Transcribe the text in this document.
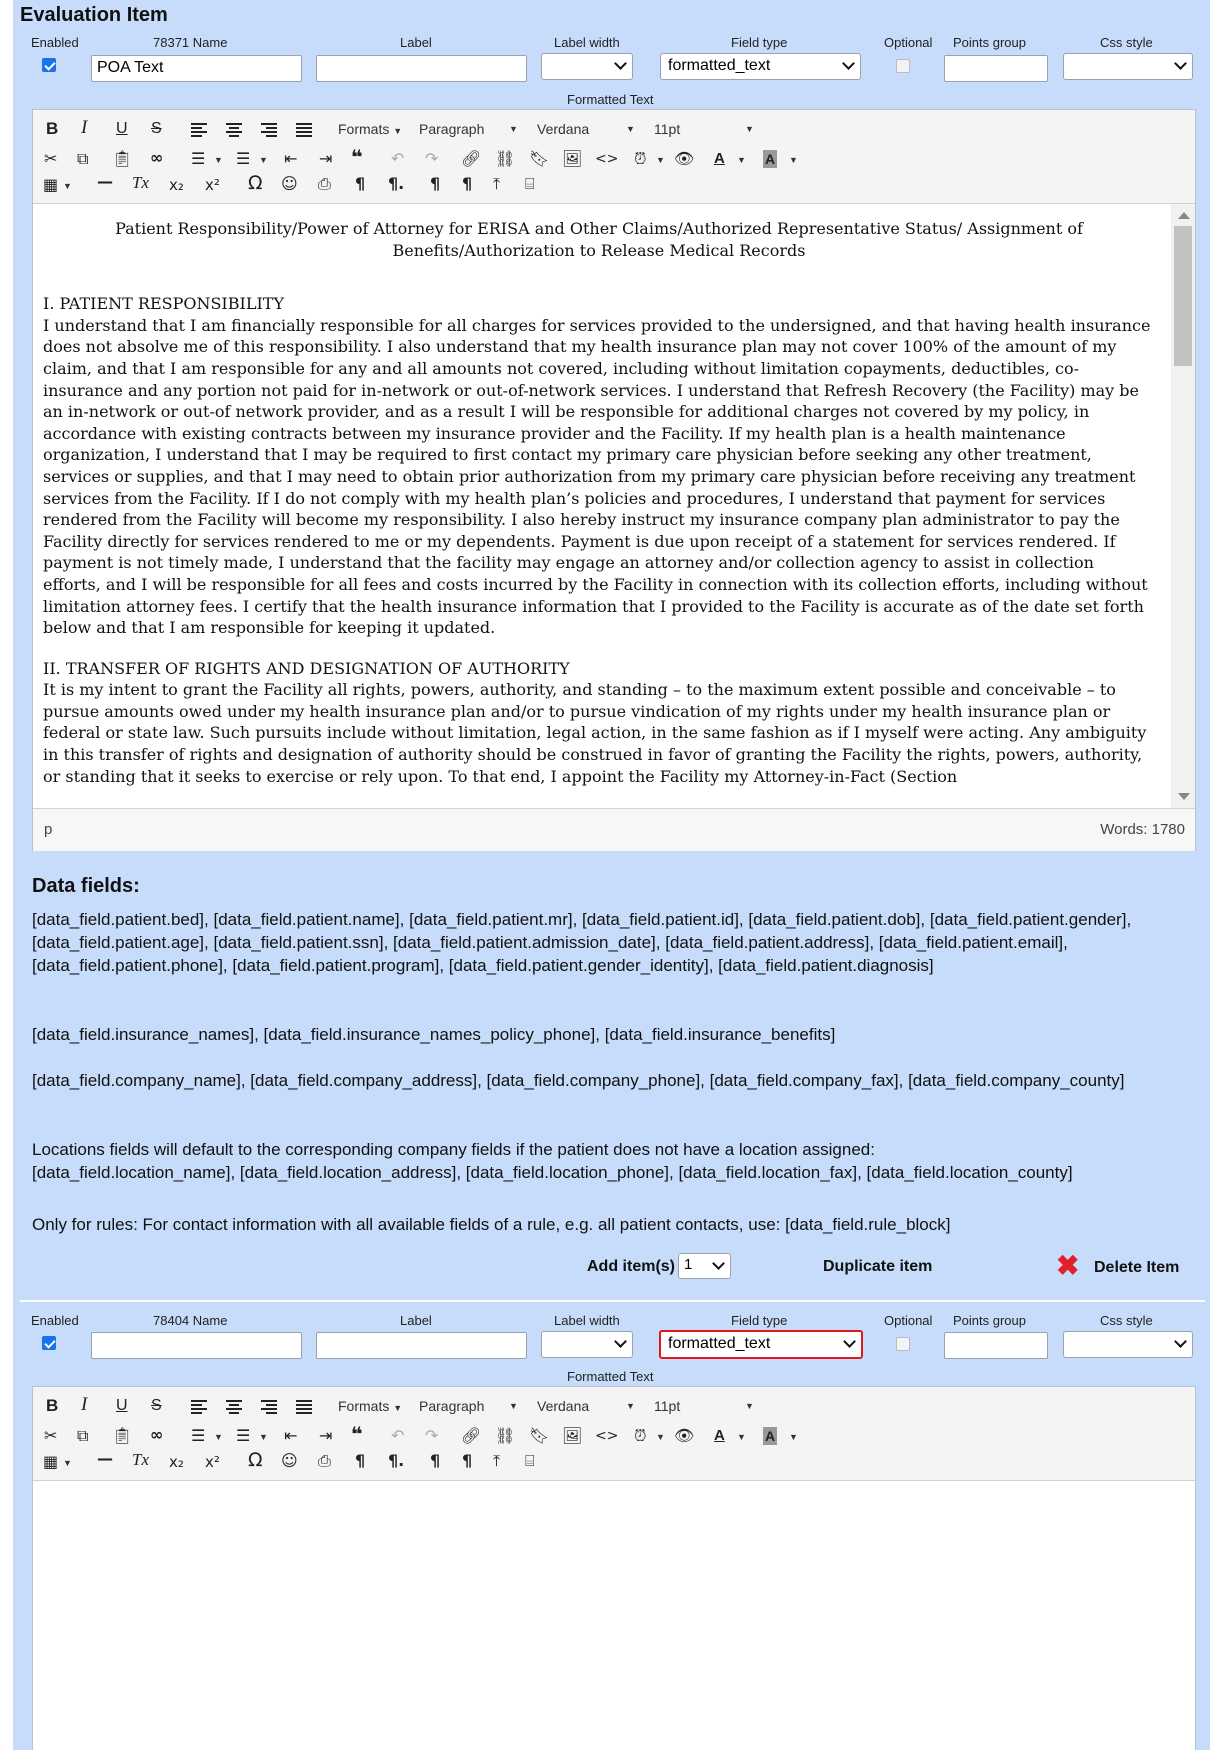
Evaluation Item
Enabled	78371 Name	Label	Label width	Field type	Optional Points group	Css style
POA Text	formatted_text
Formatted Text
B I U S	Formats ▼ Paragraph	▼ Verdana	▼ 11pt	▼
✂ ⧉ 📋︎ ∞ ☰ ▼ ☰ ▼ ⇤ ⇥ ❝ ↶ ↷ 🔗︎ ⛓ 🔖︎ 🖼︎ <> ⏰︎ ▼ 👁︎ A ▼ A ▼
▦ ▼ — Tx x₂ x² Ω ☺ ⎙ ¶ ¶. ¶ ¶ ⤒ ⌸
Patient Responsibility/Power of Attorney for ERISA and Other Claims/Authorized Representative Status/ Assignment of Benefits/Authorization to Release Medical Records

I. PATIENT RESPONSIBILITY
I understand that I am financially responsible for all charges for services provided to the undersigned, and that having health insurance does not absolve me of this responsibility. I also understand that my health insurance plan may not cover 100% of the amount of my claim, and that I am responsible for any and all amounts not covered, including without limitation copayments, deductibles, co-insurance and any portion not paid for in-network or out-of-network services. I understand that Refresh Recovery (the Facility) may be an in-network or out-of network provider, and as a result I will be responsible for additional charges not covered by my policy, in accordance with existing contracts between my insurance provider and the Facility. If my health plan is a health maintenance organization, I understand that I may be required to first contact my primary care physician before seeking any other treatment, services or supplies, and that I may need to obtain prior authorization from my primary care physician before receiving any treatment services from the Facility. If I do not comply with my health plan’s policies and procedures, I understand that payment for services rendered from the Facility will become my responsibility. I also hereby instruct my insurance company plan administrator to pay the Facility directly for services rendered to me or my dependents. Payment is due upon receipt of a statement for services rendered. If payment is not timely made, I understand that the facility may engage an attorney and/or collection agency to assist in collection efforts, and I will be responsible for all fees and costs incurred by the Facility in connection with its collection efforts, including without limitation attorney fees. I certify that the health insurance information that I provided to the Facility is accurate as of the date set forth below and that I am responsible for keeping it updated.

II. TRANSFER OF RIGHTS AND DESIGNATION OF AUTHORITY
It is my intent to grant the Facility all rights, powers, authority, and standing – to the maximum extent possible and conceivable – to pursue amounts owed under my health insurance plan and/or to pursue vindication of my rights under my health insurance plan or federal or state law. Such pursuits include without limitation, legal action, in the same fashion as if I myself were acting. Any ambiguity in this transfer of rights and designation of authority should be construed in favor of granting the Facility the rights, powers, authority, or standing that it seeks to exercise or rely upon. To that end, I appoint the Facility my Attorney-in-Fact (Section

p	Words: 1780
Data fields:
[data_field.patient.bed], [data_field.patient.name], [data_field.patient.mr], [data_field.patient.id], [data_field.patient.dob], [data_field.patient.gender], [data_field.patient.age], [data_field.patient.ssn], [data_field.patient.admission_date], [data_field.patient.address], [data_field.patient.email], [data_field.patient.phone], [data_field.patient.program], [data_field.patient.gender_identity], [data_field.patient.diagnosis]
[data_field.insurance_names], [data_field.insurance_names_policy_phone], [data_field.insurance_benefits]
[data_field.company_name], [data_field.company_address], [data_field.company_phone], [data_field.company_fax], [data_field.company_county]
Locations fields will default to the corresponding company fields if the patient does not have a location assigned:
[data_field.location_name], [data_field.location_address], [data_field.location_phone], [data_field.location_fax], [data_field.location_county]
Only for rules: For contact information with all available fields of a rule, e.g. all patient contacts, use: [data_field.rule_block]
Add item(s) 1	Duplicate item	✖ Delete Item
Enabled	78404 Name	Label	Label width	Field type	Optional Points group	Css style
formatted_text
Formatted Text
B I U S	Formats ▼ Paragraph	▼ Verdana	▼ 11pt	▼
✂ ⧉ 📋︎ ∞ ☰ ▼ ☰ ▼ ⇤ ⇥ ❝ ↶ ↷ 🔗︎ ⛓ 🔖︎ 🖼︎ <> ⏰︎ ▼ 👁︎ A ▼ A ▼
▦ ▼ — Tx x₂ x² Ω ☺ ⎙ ¶ ¶. ¶ ¶ ⤒ ⌸
